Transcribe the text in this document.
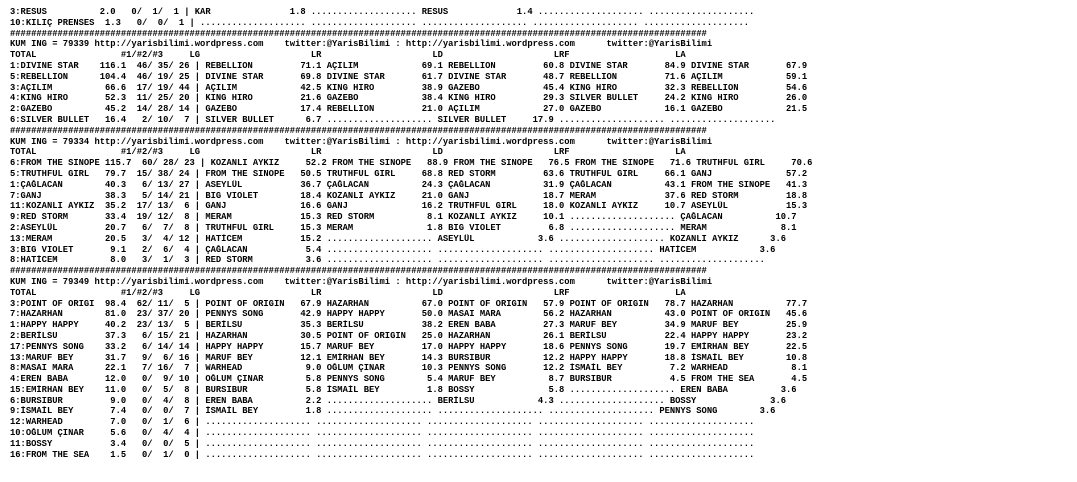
3:RESUS          2.0   0/  1/  1 | KAR               1.8 .................... RESUS             1.4 .................... ....................
10:KILIÇ PRENSES  1.3   0/  0/  1 | .................... .................... .................... .................... ....................
####################################################################################################################################
KUM ING = 79339 http://yarisbilimi.wordpress.com    twitter:@YarisBilimi : http://yarisbilimi.wordpress.com      twitter:@YarisBilimi
TOTAL                #1/#2/#3     LG                     LR                     LD                     LRF                    LA
1:DIVINE STAR    116.1  46/ 35/ 26 | REBELLION         71.1 AÇILIM            69.1 REBELLION         60.8 DIVINE STAR       84.9 DIVINE STAR       67.9
5:REBELLION      104.4  46/ 19/ 25 | DIVINE STAR       69.8 DIVINE STAR       61.7 DIVINE STAR       48.7 REBELLION         71.6 AÇILIM            59.1
3:AÇILIM          66.6  17/ 19/ 44 | AÇILIM            42.5 KING HIRO         38.9 GAZEBO            45.4 KING HIRO         32.3 REBELLION         54.6
4:KING HIRO       52.3  11/ 25/ 20 | KING HIRO         21.6 GAZEBO            38.4 KING HIRO         29.3 SILVER BULLET     24.2 KING HIRO         26.0
2:GAZEBO          45.2  14/ 28/ 14 | GAZEBO            17.4 REBELLION         21.0 AÇILIM            27.0 GAZEBO            16.1 GAZEBO            21.5
6:SILVER BULLET   16.4   2/ 10/  7 | SILVER BULLET      6.7 .................... SILVER BULLET     17.9 .................... ....................
####################################################################################################################################
KUM ING = 79334 http://yarisbilimi.wordpress.com    twitter:@YarisBilimi : http://yarisbilimi.wordpress.com      twitter:@YarisBilimi
TOTAL                #1/#2/#3     LG                     LR                     LD                     LRF                    LA
6:FROM THE SINOPE 115.7  60/ 28/ 23 | KOZANLI AYKIZ     52.2 FROM THE SINOPE   88.9 FROM THE SINOPE   76.5 FROM THE SINOPE   71.6 TRUTHFUL GIRL     70.6
5:TRUTHFUL GIRL   79.7  15/ 38/ 24 | FROM THE SINOPE   50.5 TRUTHFUL GIRL     68.8 RED STORM         63.6 TRUTHFUL GIRL     66.1 GANJ              57.2
1:ÇAĞLACAN        40.3   6/ 13/ 27 | ASEYLÜL           36.7 ÇAĞLACAN          24.3 ÇAĞLACAN          31.9 ÇAĞLACAN          43.1 FROM THE SINOPE   41.3
7:GANJ            38.3   5/ 14/ 21 | BIG VIOLET        18.4 KOZANLI AYKIZ     21.0 GANJ              18.7 MERAM             37.6 RED STORM         18.8
11:KOZANLI AYKIZ  35.2  17/ 13/  6 | GANJ              16.6 GANJ              16.2 TRUTHFUL GIRL     18.0 KOZANLI AYKIZ     10.7 ASEYLÜL           15.3
9:RED STORM       33.4  19/ 12/  8 | MERAM             15.3 RED STORM          8.1 KOZANLI AYKIZ     10.1 .................... ÇAĞLACAN          10.7
2:ASEYLÜL         20.7   6/  7/  8 | TRUTHFUL GIRL     15.3 MERAM              1.8 BIG VIOLET         6.8 .................... MERAM              8.1
13:MERAM          20.5   3/  4/ 12 | HATİCEM           15.2 .................... ASEYLÜL            3.6 .................... KOZANLI AYKIZ      3.6
3:BIG VIOLET       9.1   2/  6/  4 | ÇAĞLACAN           5.4 .................... .................... .................... HATİCEM            3.6
8:HATİCEM          8.0   3/  1/  3 | RED STORM          3.6 .................... .................... .................... ....................
####################################################################################################################################
KUM ING = 79349 http://yarisbilimi.wordpress.com    twitter:@YarisBilimi : http://yarisbilimi.wordpress.com      twitter:@YarisBilimi
TOTAL                #1/#2/#3     LG                     LR                     LD                     LRF                    LA
3:POINT OF ORIGI  98.4  62/ 11/  5 | POINT OF ORIGIN   67.9 HAZARHAN          67.0 POINT OF ORIGIN   57.9 POINT OF ORIGIN   78.7 HAZARHAN          77.7
7:HAZARHAN        81.0  23/ 37/ 20 | PENNYS SONG       42.9 HAPPY HAPPY       50.0 MASAI MARA        56.2 HAZARHAN          43.0 POINT OF ORIGIN   45.6
1:HAPPY HAPPY     40.2  23/ 13/  5 | BERİLSU           35.3 BERİLSU           38.2 EREN BABA         27.3 MARUF BEY         34.9 MARUF BEY         25.9
2:BERİLSU         37.3   6/ 15/ 21 | HAZARHAN          30.5 POINT OF ORIGIN   25.0 HAZARHAN          26.1 BERİLSU           22.4 HAPPY HAPPY       23.2
17:PENNYS SONG    33.2   6/ 14/ 14 | HAPPY HAPPY       15.7 MARUF BEY         17.0 HAPPY HAPPY       18.6 PENNYS SONG       19.7 EMİRHAN BEY       22.5
13:MARUF BEY      31.7   9/  6/ 16 | MARUF BEY         12.1 EMİRHAN BEY       14.3 BURSIBUR          12.2 HAPPY HAPPY       18.8 İSMAİL BEY        10.8
8:MASAI MARA      22.1   7/ 16/  7 | WARHEAD            9.0 OĞLUM ÇINAR       10.3 PENNYS SONG       12.2 İSMAİL BEY         7.2 WARHEAD            8.1
4:EREN BABA       12.0   0/  9/ 10 | OĞLUM ÇINAR        5.8 PENNYS SONG        5.4 MARUF BEY          8.7 BURSIBUR           4.5 FROM THE SEA       4.5
15:EMİRHAN BEY    11.0   0/  5/  8 | BURSIBUR           5.8 İSMAİL BEY         1.8 BOSSY              5.8 .................... EREN BABA          3.6
6:BURSIBUR         9.0   0/  4/  8 | EREN BABA          2.2 .................... BERİLSU            4.3 .................... BOSSY              3.6
9:İSMAİL BEY       7.4   0/  0/  7 | İSMAİL BEY         1.8 .................... .................... .................... PENNYS SONG        3.6
12:WARHEAD         7.0   0/  1/  6 | .................... .................... .................... .................... ....................
10:OĞLUM ÇINAR     5.6   0/  4/  4 | .................... .................... .................... .................... ....................
11:BOSSY           3.4   0/  0/  5 | .................... .................... .................... .................... ....................
16:FROM THE SEA    1.5   0/  1/  0 | .................... .................... .................... .................... ....................
